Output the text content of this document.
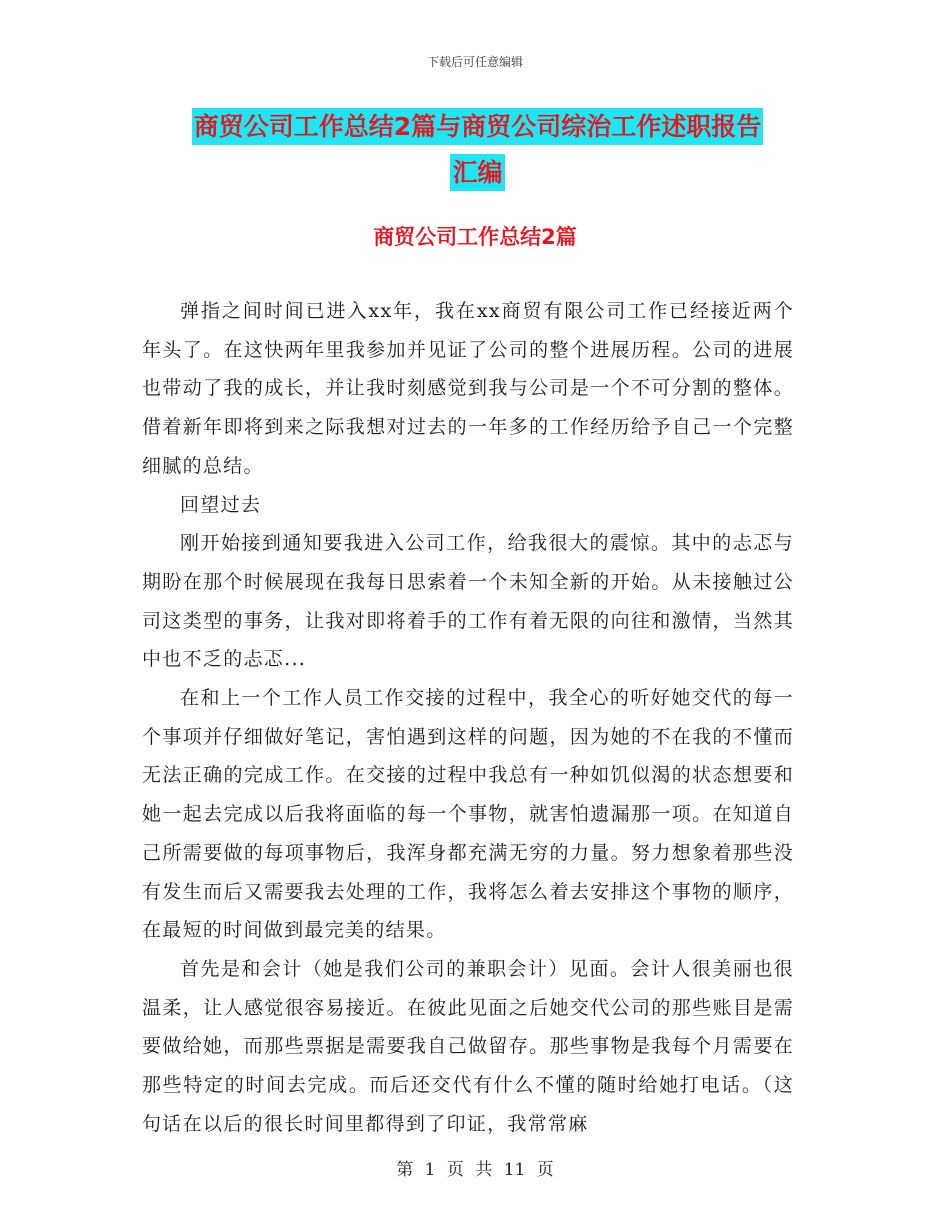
下载后可任意编辑
商贸公司工作总结2篇与商贸公司综治工作述职报告
汇编
商贸公司工作总结2篇

弹指之间时间已进入xx年，我在xx商贸有限公司工作已经接近两个年头了。在这快两年里我参加并见证了公司的整个进展历程。公司的进展也带动了我的成长，并让我时刻感觉到我与公司是一个不可分割的整体。借着新年即将到来之际我想对过去的一年多的工作经历给予自己一个完整细腻的总结。

回望过去

刚开始接到通知要我进入公司工作，给我很大的震惊。其中的忐忑与期盼在那个时候展现在我每日思索着一个未知全新的开始。从未接触过公司这类型的事务，让我对即将着手的工作有着无限的向往和激情，当然其中也不乏的忐忑...

在和上一个工作人员工作交接的过程中，我全心的听好她交代的每一个事项并仔细做好笔记，害怕遇到这样的问题，因为她的不在我的不懂而无法正确的完成工作。在交接的过程中我总有一种如饥似渴的状态想要和她一起去完成以后我将面临的每一个事物，就害怕遗漏那一项。在知道自己所需要做的每项事物后，我浑身都充满无穷的力量。努力想象着那些没有发生而后又需要我去处理的工作，我将怎么着去安排这个事物的顺序，在最短的时间做到最完美的结果。

首先是和会计（她是我们公司的兼职会计）见面。会计人很美丽也很温柔，让人感觉很容易接近。在彼此见面之后她交代公司的那些账目是需要做给她，而那些票据是需要我自己做留存。那些事物是我每个月需要在那些特定的时间去完成。而后还交代有什么不懂的随时给她打电话。（这句话在以后的很长时间里都得到了印证，我常常麻

第 1 页 共 11 页
